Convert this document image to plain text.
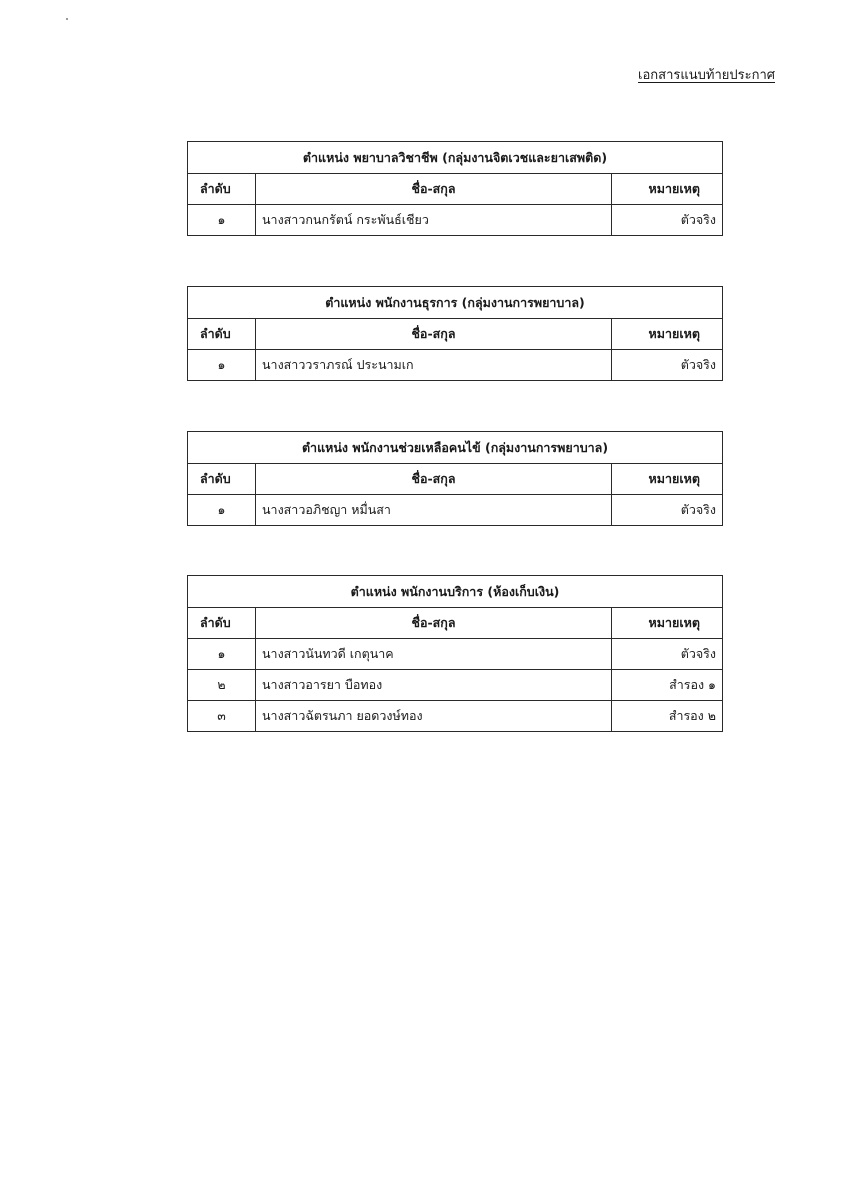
เอกสารแนบท้ายประกาศ
ตำแหน่ง พยาบาลวิชาชีพ (กลุ่มงานจิตเวชและยาเสพติด)		
ลำดับ	ชื่อ-สกุล	หมายเหตุ
๑	นางสาวกนกรัตน์ กระพันธ์เชียว	ตัวจริง
ตำแหน่ง พนักงานธุรการ (กลุ่มงานการพยาบาล)		
ลำดับ	ชื่อ-สกุล	หมายเหตุ
๑	นางสาววราภรณ์ ประนามเก	ตัวจริง
ตำแหน่ง พนักงานช่วยเหลือคนไข้ (กลุ่มงานการพยาบาล)		
ลำดับ	ชื่อ-สกุล	หมายเหตุ
๑	นางสาวอภิชญา หมื่นสา	ตัวจริง
ตำแหน่ง พนักงานบริการ (ห้องเก็บเงิน)		
ลำดับ	ชื่อ-สกุล	หมายเหตุ
๑	นางสาวนันทวดี เกตุนาค	ตัวจริง
๒	นางสาวอารยา บือทอง	สำรอง ๑
๓	นางสาวฉัตรนภา ยอดวงษ์ทอง	สำรอง ๒
